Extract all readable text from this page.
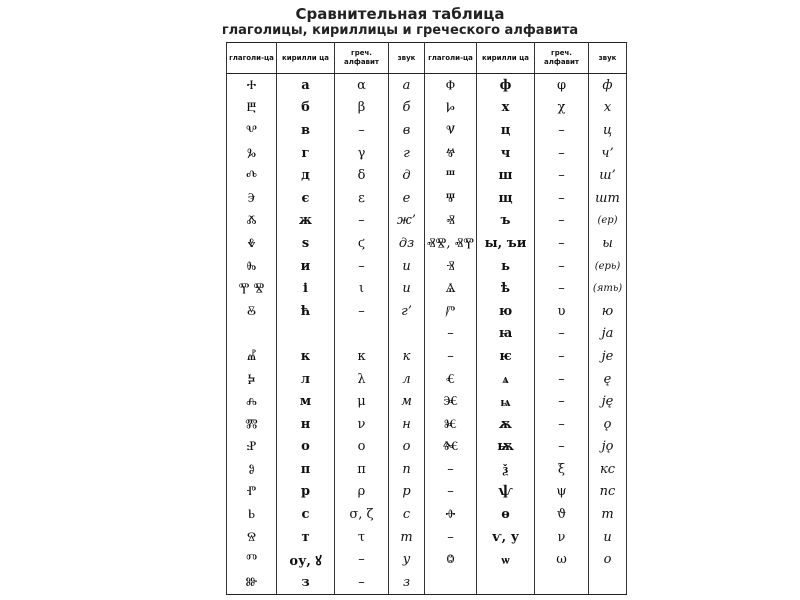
Сравнительная таблица
глаголицы, кириллицы и греческого алфавита
глаголи-ца	кирилли ца	греч. алфавит	звук	глаголи-ца	кирилли ца	греч. алфавит	звук
Ⰰ	а	α	а	Ⱇ	ф	φ	ф
Ⰱ	б	β	б	Ⱈ	х	χ	х
Ⰲ	в	–	в	Ⱌ	ц	–	ц
Ⰳ	г	γ	г	Ⱍ	ч	–	ч’
Ⰴ	д	δ	д	Ⱎ	ш	–	ш’
Ⰵ	є	ε	е	Ⱋ	щ	–	шт
Ⰶ	ж	–	ж’	Ⱏ	ъ	–	(ер)
Ⰷ	ѕ	ϛ	дз	ⰟⰊ, ⰟⰉ	ы, ъи	–	ы
Ⰸ	и	–	и	Ⱐ	ь	–	(ерь)
Ⰹ Ⰺ	і	ι	и	Ⱑ	ѣ	–	(ять)
Ⰻ	ћ	–	г’	Ⱓ	ю	υ	ю
				–	ꙗ	–	ja
Ⰼ	к	κ	к	–	ѥ	–	je
Ⰽ	л	λ	л	Ⱔ	ѧ	–	ę
Ⰾ	м	μ	м	Ⱗ	ѩ	–	ję
Ⰿ	н	ν	н	Ⱘ	ѫ	–	ǫ
Ⱀ	о	ο	о	Ⱙ	ѭ	–	jǫ
Ⱁ	п	π	п	–	ѯ	ξ	кс
Ⱂ	р	ρ	р	–	ѱ	ψ	пс
Ⱃ	с	σ, ζ	с	Ⱚ	ѳ	ϑ	т
Ⱄ	т	τ	т	–	ѵ, у	ν	и
Ⱅ	оу, ꙋ	–	у	Ⱉ	ѡ	ω	о
Ⱆ	з	–	з				
